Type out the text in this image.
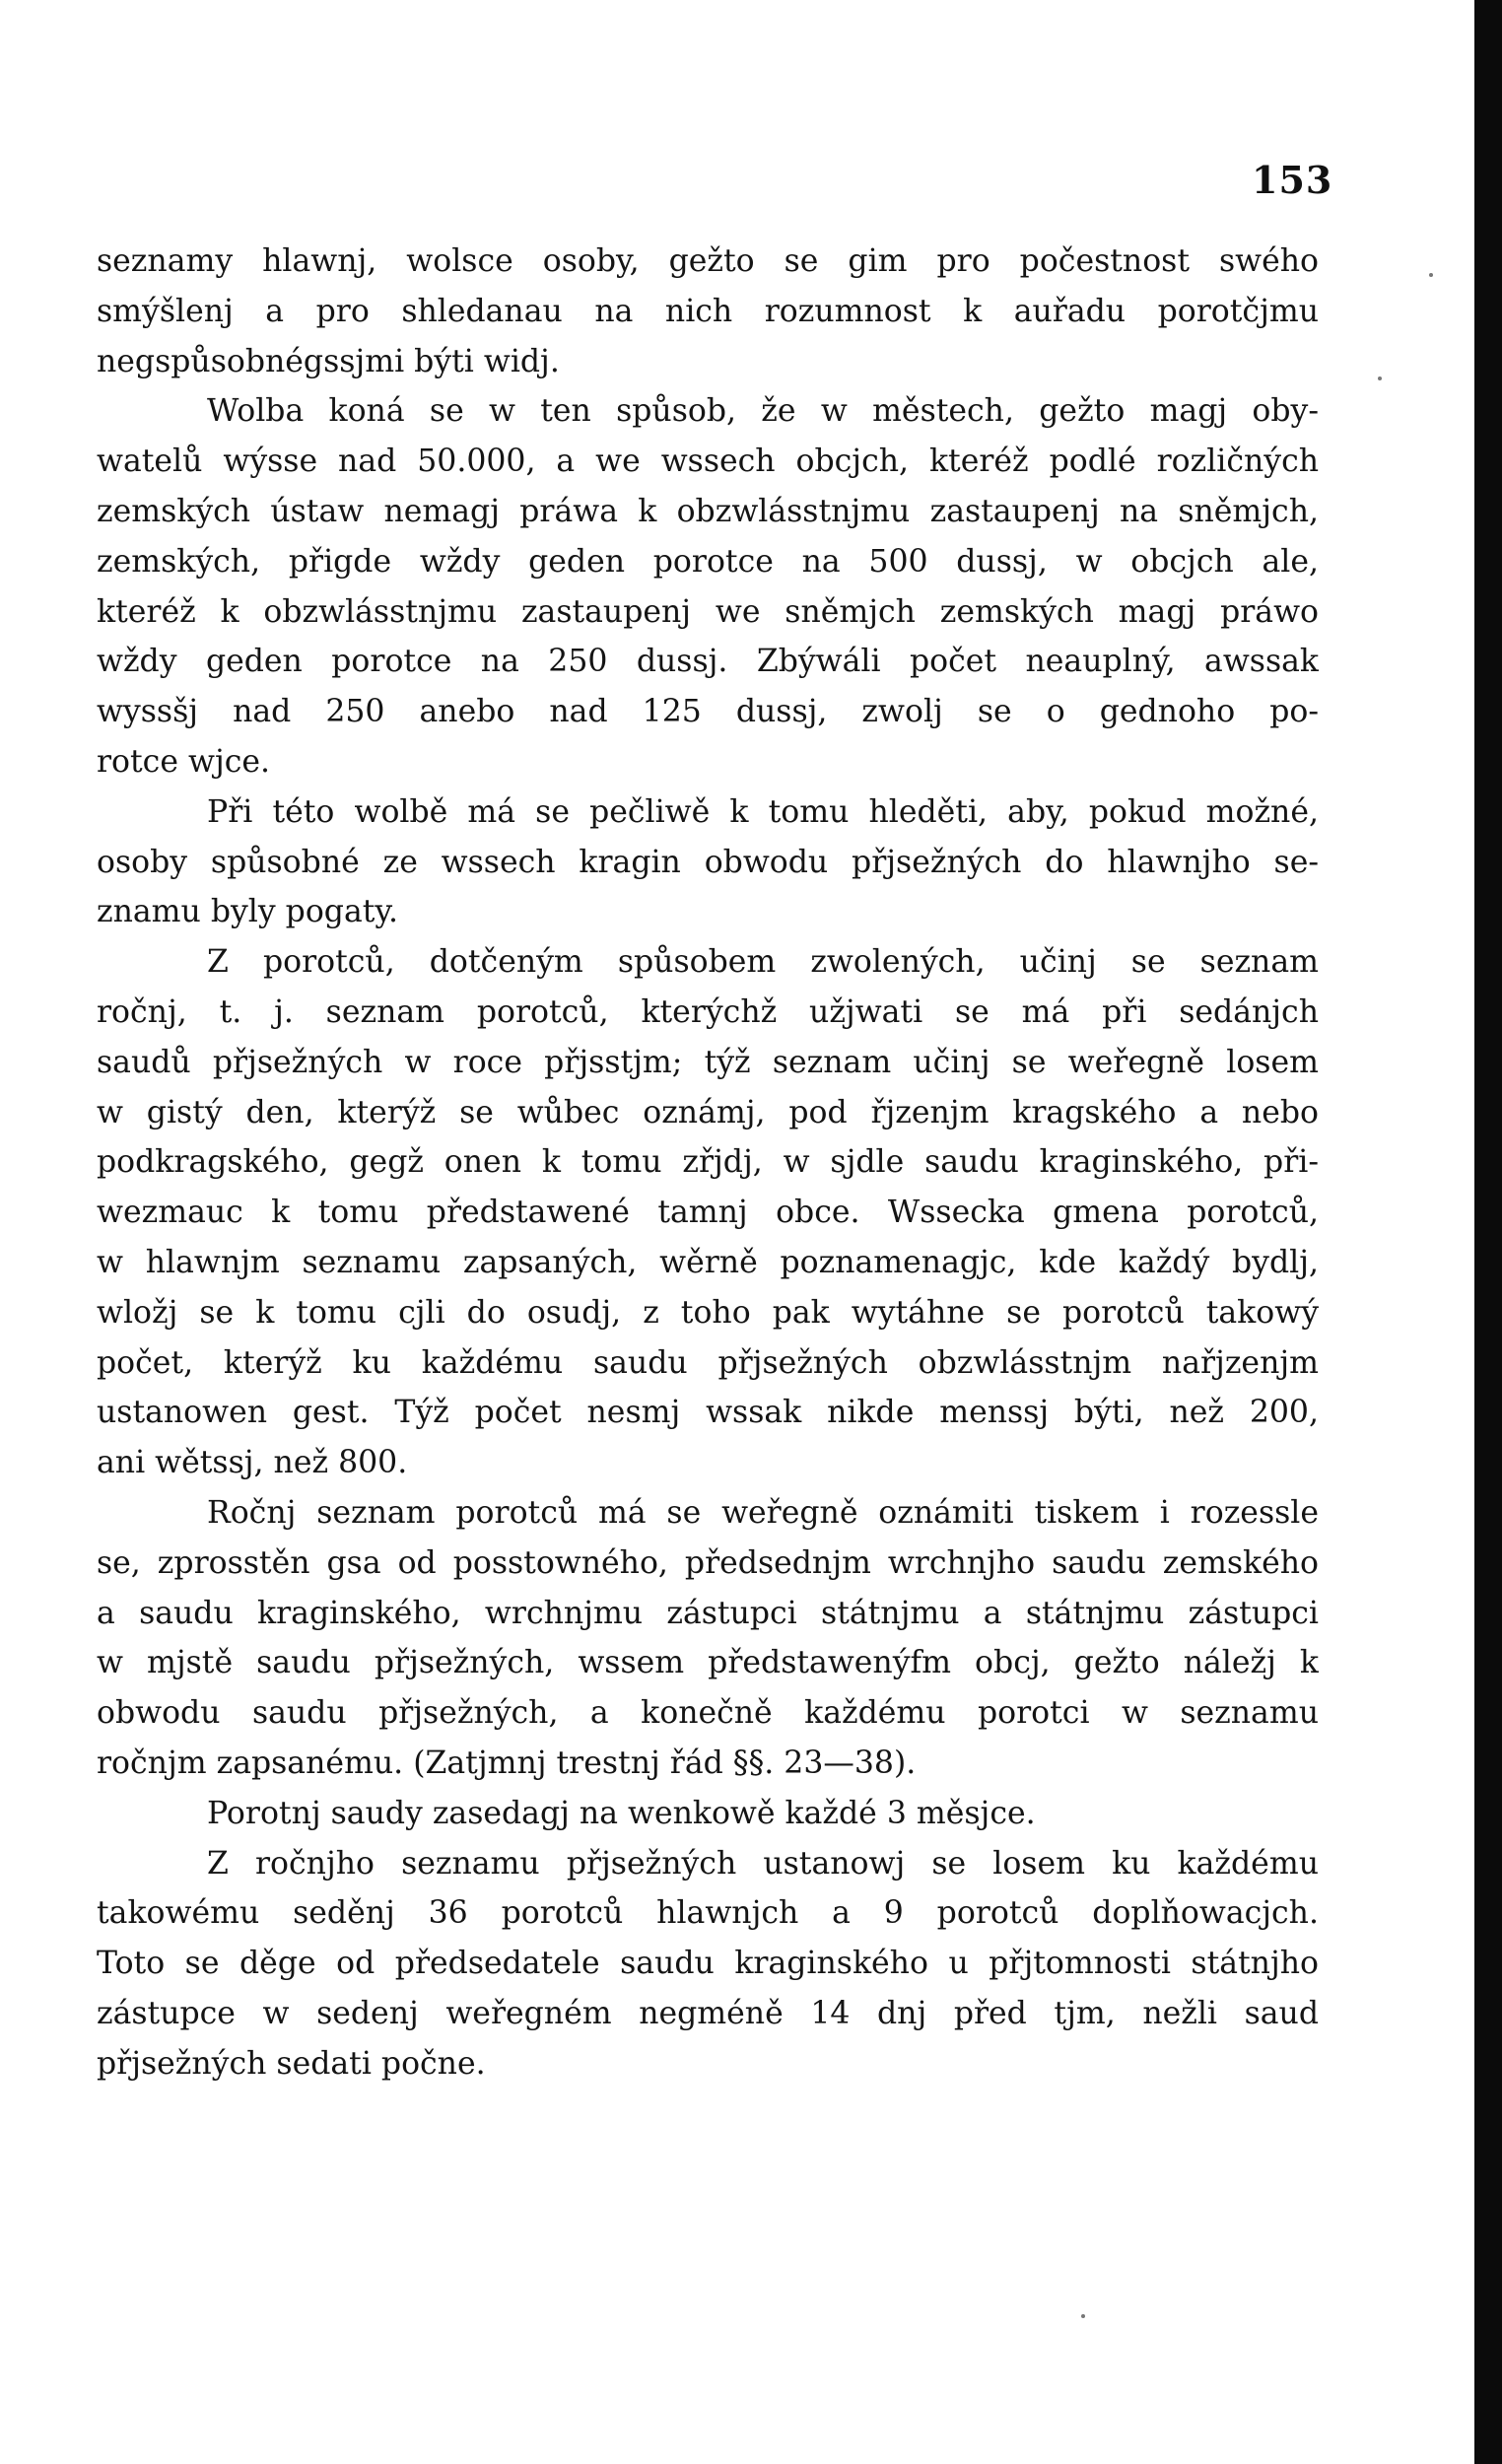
153
seznamy hlawnj, wolsce osoby, gežto se gim pro počestnost swého
smýšlenj a pro shledanau na nich rozumnost k auřadu porotčjmu
negspůsobnégssjmi býti widj.
Wolba koná se w ten spůsob, že w městech, gežto magj oby-
watelů wýsse nad 50.000, a we wssech obcjch, kteréž podlé rozličných
zemských ústaw nemagj práwa k obzwlásstnjmu zastaupenj na sněmjch,
zemských, přigde wždy geden porotce na 500 dussj, w obcjch ale,
kteréž k obzwlásstnjmu zastaupenj we sněmjch zemských magj práwo
wždy geden porotce na 250 dussj. Zbýwáli počet neauplný, awssak
wyssšj nad 250 anebo nad 125 dussj, zwolj se o gednoho po-
rotce wjce.
Při této wolbě má se pečliwě k tomu hleděti, aby, pokud možné,
osoby spůsobné ze wssech kragin obwodu přjsežných do hlawnjho se-
znamu byly pogaty.
Z porotců, dotčeným spůsobem zwolených, učinj se seznam
ročnj, t. j. seznam porotců, kterýchž užjwati se má při sedánjch
saudů přjsežných w roce přjsstjm; týž seznam učinj se weřegně losem
w gistý den, kterýž se wůbec oznámj, pod řjzenjm kragského a nebo
podkragského, gegž onen k tomu zřjdj, w sjdle saudu kraginského, při-
wezmauc k tomu předstawené tamnj obce. Wssecka gmena porotců,
w hlawnjm seznamu zapsaných, wěrně poznamenagjc, kde každý bydlj,
wložj se k tomu cjli do osudj, z toho pak wytáhne se porotců takowý
počet, kterýž ku každému saudu přjsežných obzwlásstnjm nařjzenjm
ustanowen gest. Týž počet nesmj wssak nikde menssj býti, než 200,
ani wětssj, než 800.
Ročnj seznam porotců má se weřegně oznámiti tiskem i rozessle
se, zprosstěn gsa od posstowného, předsednjm wrchnjho saudu zemského
a saudu kraginského, wrchnjmu zástupci státnjmu a státnjmu zástupci
w mjstě saudu přjsežných, wssem předstawenýfm obcj, gežto náležj k
obwodu saudu přjsežných, a konečně každému porotci w seznamu
ročnjm zapsanému. (Zatjmnj trestnj řád §§. 23—38).
Porotnj saudy zasedagj na wenkowě každé 3 měsjce.
Z ročnjho seznamu přjsežných ustanowj se losem ku každému
takowému seděnj 36 porotců hlawnjch a 9 porotců doplňowacjch.
Toto se děge od předsedatele saudu kraginského u přjtomnosti státnjho
zástupce w sedenj weřegném negméně 14 dnj před tjm, nežli saud
přjsežných sedati počne.
